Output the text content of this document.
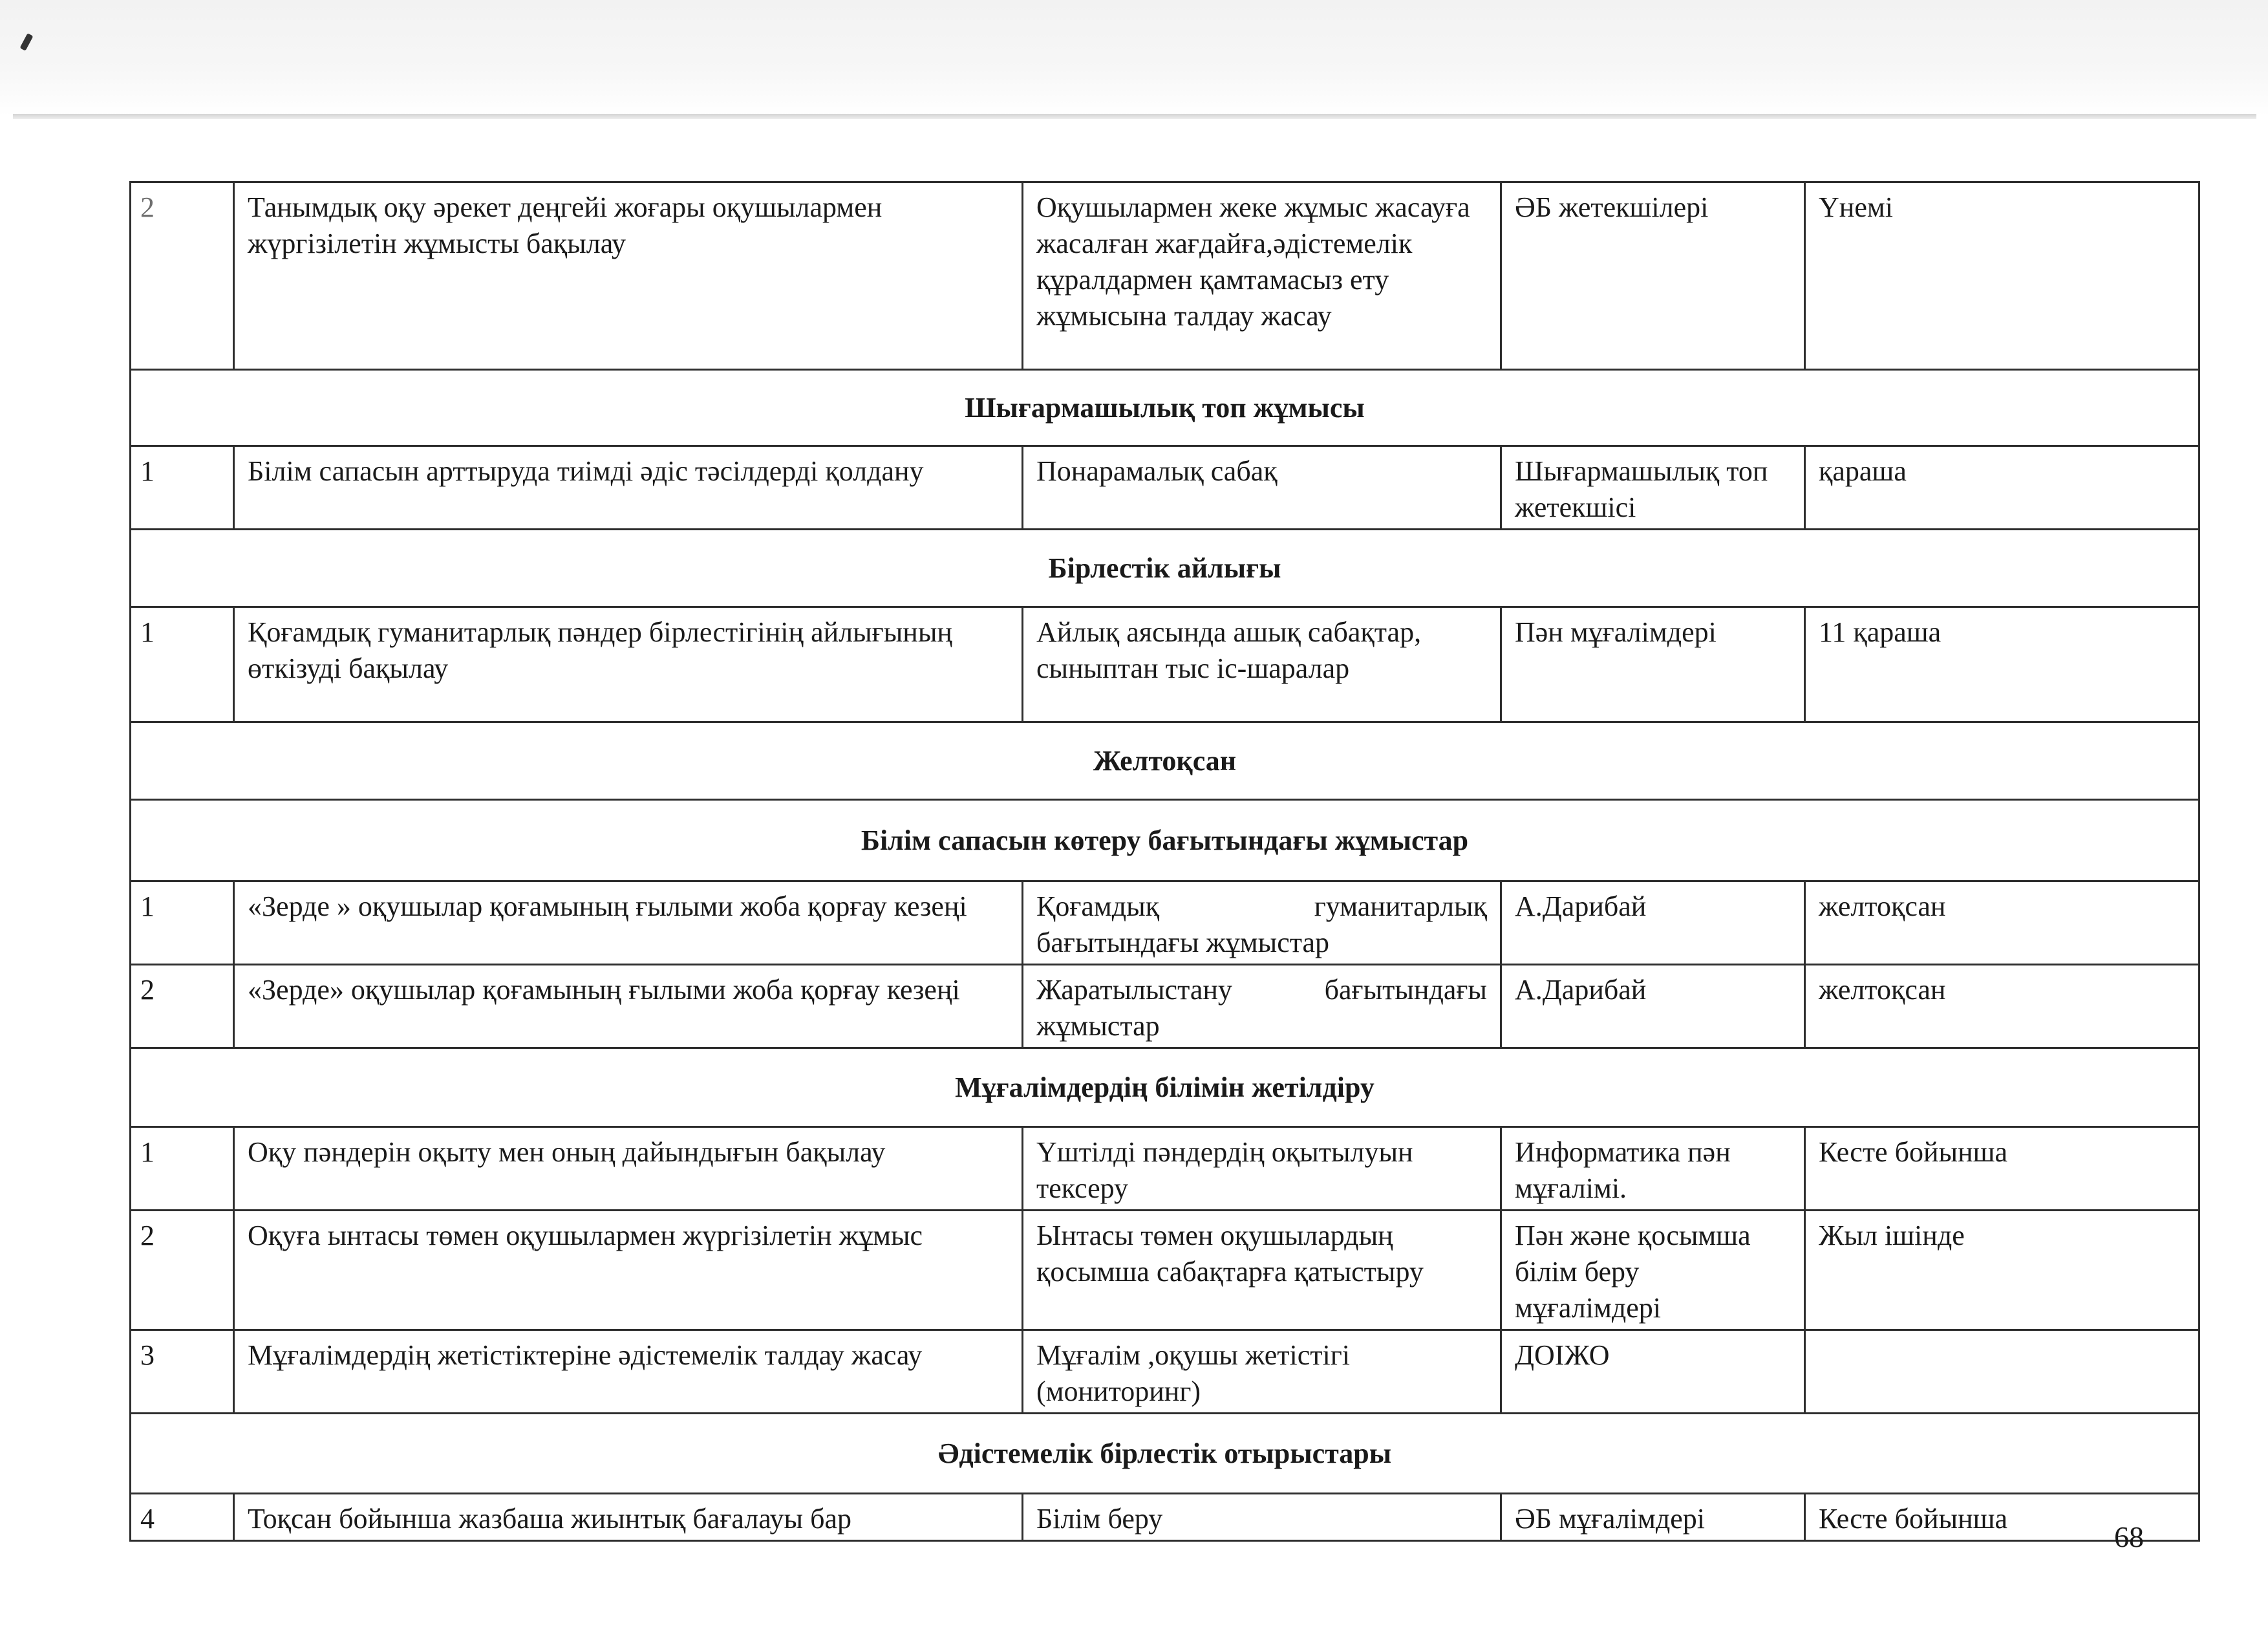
2	Танымдық оқу әрекет деңгейі жоғары оқушылармен жүргізілетін жұмысты бақылау	Оқушылармен жеке жұмыс жасауға жасалған жағдайға,әдістемелік құралдармен қамтамасыз ету жұмысына талдау жасау	ӘБ жетекшілері	Үнемі
Шығармашылық топ жұмысы				
1	Білім сапасын арттыруда тиімді әдіс тәсілдерді қолдану	Понарамалық сабақ	Шығармашылық топ жетекшісі	қараша
Бірлестік айлығы				
1	Қоғамдық гуманитарлық пәндер бірлестігінің айлығының өткізуді бақылау	Айлық аясында ашық сабақтар, сыныптан тыс іс-шаралар	Пән мұғалімдері	11 қараша
Желтоқсан				
Білім сапасын көтеру бағытындағы жұмыстар				
1	«Зерде » оқушылар қоғамының ғылыми жоба қорғау кезеңі	Қоғамдық гуманитарлық бағытындағы жұмыстар	А.Дарибай	желтоқсан
2	«Зерде» оқушылар қоғамының ғылыми жоба қорғау кезеңі	Жаратылыстану бағытындағы жұмыстар	А.Дарибай	желтоқсан
Мұғалімдердің білімін жетілдіру				
1	Оқу пәндерін оқыту мен оның дайындығын бақылау	Үштілді пәндердің оқытылуын тексеру	Информатика пән мұғалімі.	Кесте бойынша
2	Оқуға ынтасы төмен оқушылармен жүргізілетін жұмыс	Ынтасы төмен оқушылардың қосымша сабақтарға қатыстыру	Пән және қосымша білім беру мұғалімдері	Жыл ішінде
3	Мұғалімдердің жетістіктеріне әдістемелік талдау жасау	Мұғалім ,оқушы жетістігі (мониторинг)	ДОІЖО	
Әдістемелік бірлестік отырыстары				
4	Тоқсан бойынша жазбаша жиынтық бағалауы бар	Білім беру	ӘБ мұғалімдері	Кесте бойынша
68
